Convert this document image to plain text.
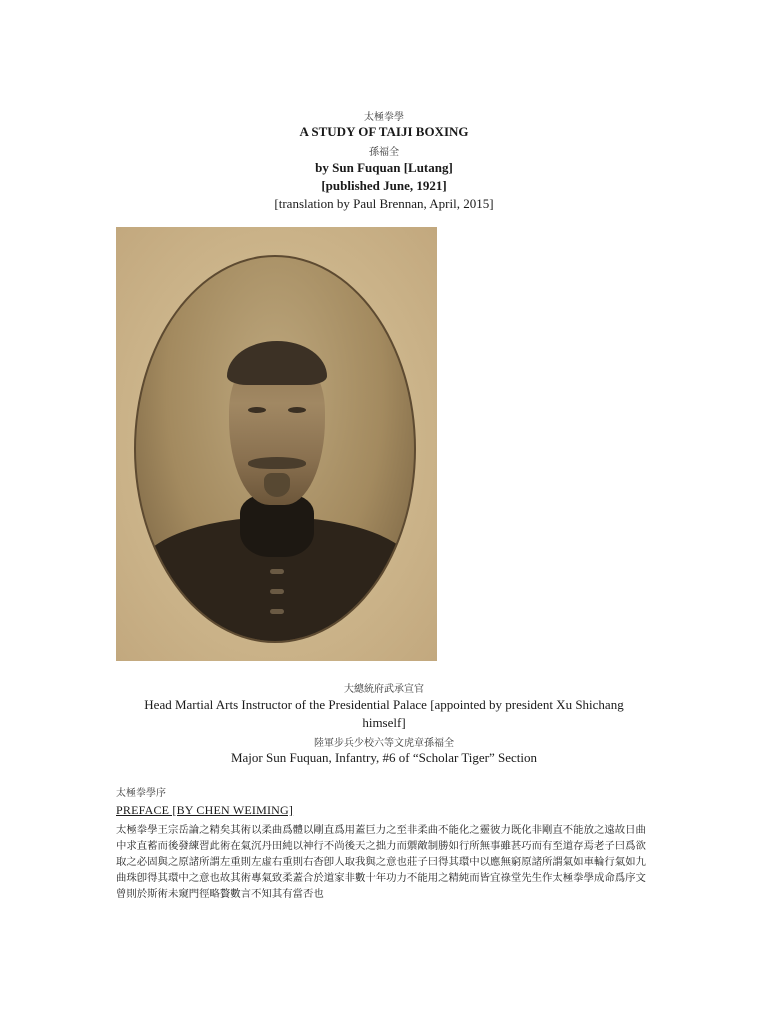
太極拳學
A STUDY OF TAIJI BOXING
孫福全
by Sun Fuquan [Lutang]
[published June, 1921]
[translation by Paul Brennan, April, 2015]
大總統府武承宣官
Head Martial Arts Instructor of the Presidential Palace [appointed by president Xu Shichang
himself]
陸軍步兵少校六等文虎章孫福全
Major Sun Fuquan, Infantry, #6 of “Scholar Tiger” Section
太極拳學序
PREFACE [BY CHEN WEIMING]
太極拳學王宗岳論之精矣其術以柔曲爲體以剛直爲用蓋巨力之至非柔曲不能化之靈彼力既化非剛直不能放之遠故日曲中求直蓄而後發練習此術在氣沉丹田純以神行不尚後天之拙力而禦敵制勝如行所無事雖甚巧而有至道存焉老子曰爲欲取之必固與之原諸所謂左重則左虛右重則右杳卽人取我與之意也莊子曰得其環中以應無窮原諸所謂氣如車輪行氣如九曲珠卽得其環中之意也故其術專氣致柔蓋合於道家非數十年功力不能用之精純而皆宜祿堂先生作太極拳學成命爲序文曾則於斯術未窺門徑略贅數言不知其有當否也
